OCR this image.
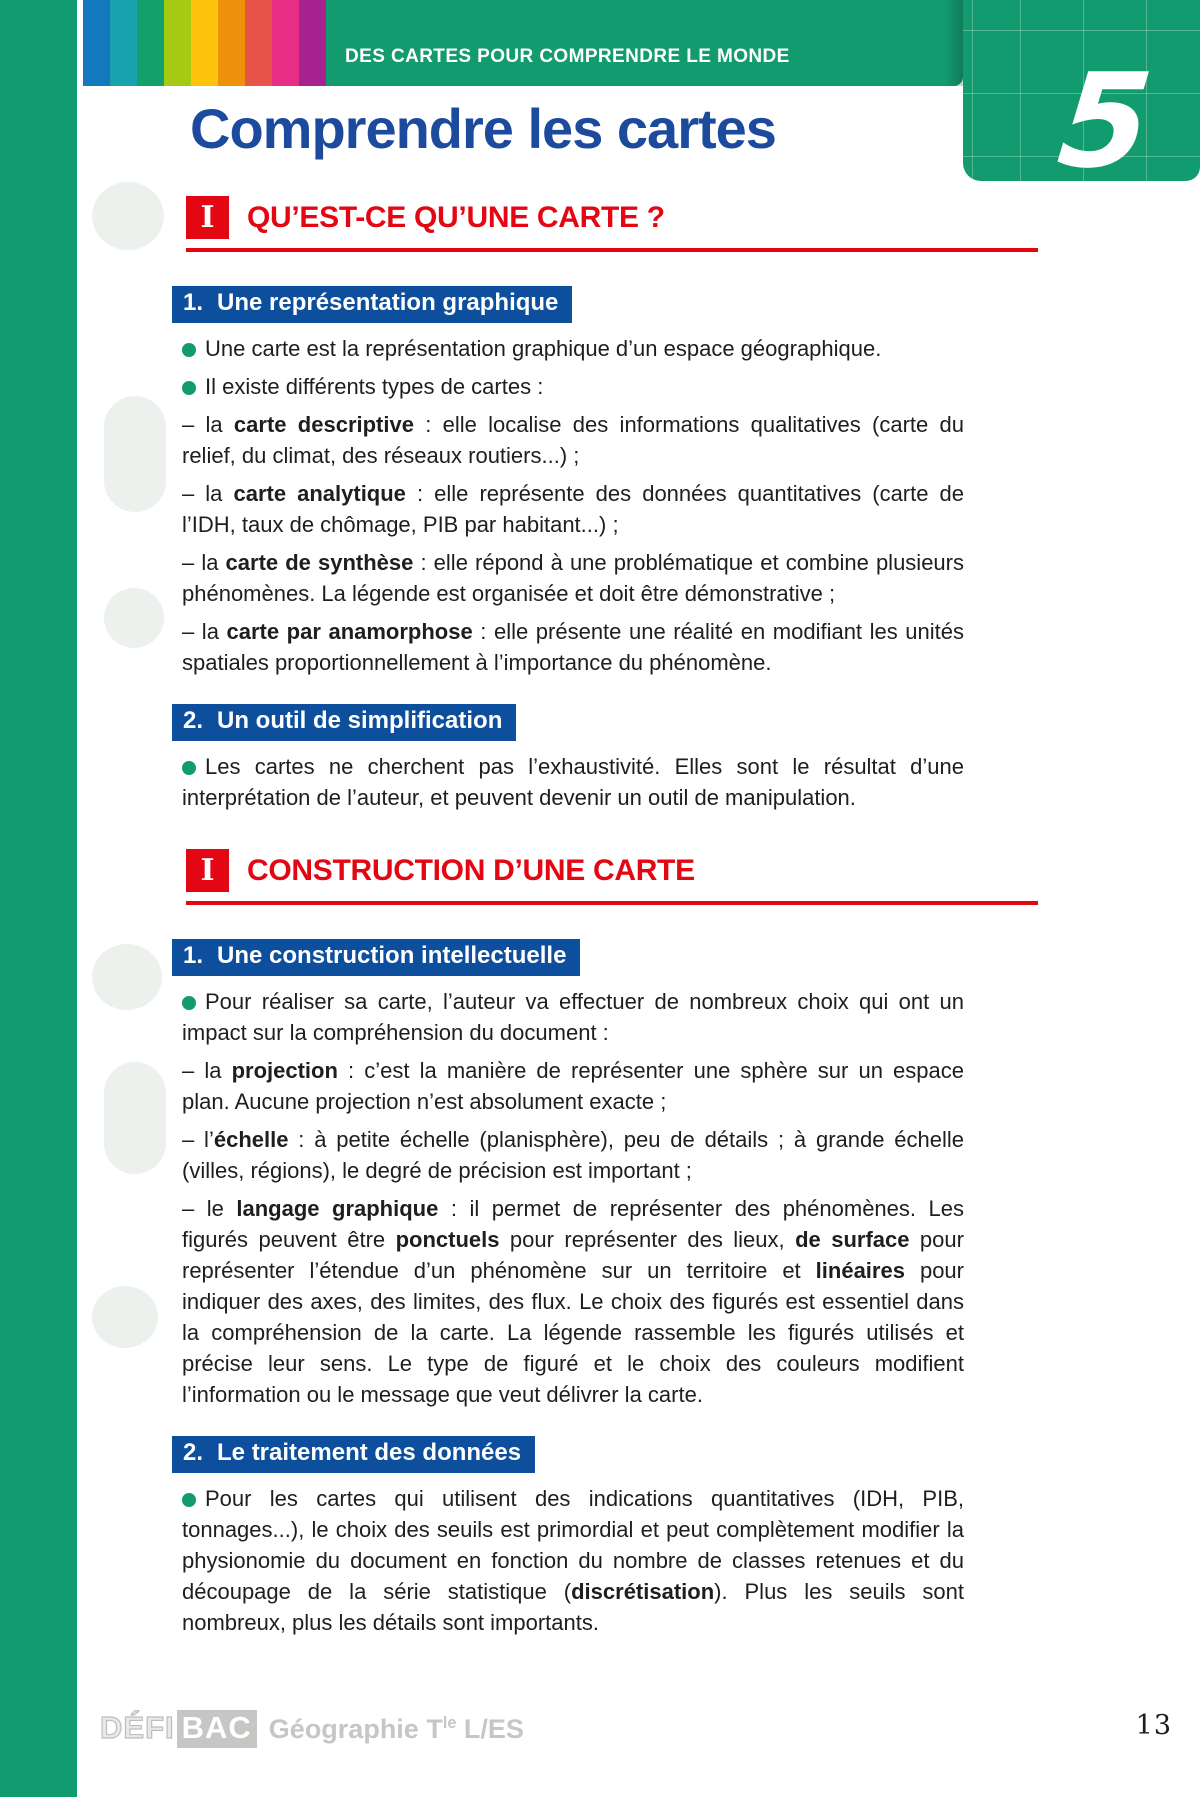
DES CARTES POUR COMPRENDRE LE MONDE 5
Comprendre les cartes
I	QU’EST-CE QU’UNE CARTE ?
1. Une représentation graphique

Une carte est la représentation graphique d’un espace géographique.

Il existe différents types de cartes :

– la carte descriptive : elle localise des informations qualitatives (carte du relief, du climat, des réseaux routiers...) ;

– la carte analytique : elle représente des données quantitatives (carte de l’IDH, taux de chômage, PIB par habitant...) ;

– la carte de synthèse : elle répond à une problématique et combine plusieurs phénomènes. La légende est organisée et doit être démonstrative ;

– la carte par anamorphose : elle présente une réalité en modifiant les unités spatiales proportionnellement à l’importance du phénomène.

2. Un outil de simplification

Les cartes ne cherchent pas l’exhaustivité. Elles sont le résultat d’une interprétation de l’auteur, et peuvent devenir un outil de manipulation.

I	CONSTRUCTION D’UNE CARTE
1. Une construction intellectuelle

Pour réaliser sa carte, l’auteur va effectuer de nombreux choix qui ont un impact sur la compréhension du document :

– la projection : c’est la manière de représenter une sphère sur un espace plan. Aucune projection n’est absolument exacte ;

– l’échelle : à petite échelle (planisphère), peu de détails ; à grande échelle (villes, régions), le degré de précision est important ;

– le langage graphique : il permet de représenter des phénomènes. Les figurés peuvent être ponctuels pour représenter des lieux, de surface pour représenter l’étendue d’un phénomène sur un territoire et linéaires pour indiquer des axes, des limites, des flux. Le choix des figurés est essentiel dans la compréhension de la carte. La légende rassemble les figurés utilisés et précise leur sens. Le type de figuré et le choix des couleurs modifient l’information ou le message que veut délivrer la carte.

2. Le traitement des données

Pour les cartes qui utilisent des indications quantitatives (IDH, PIB, tonnages...), le choix des seuils est primordial et peut complètement modifier la physionomie du document en fonction du nombre de classes retenues et du découpage de la série statistique (discrétisation). Plus les seuils sont nombreux, plus les détails sont importants.

DÉFI BAC Géographie $T^{le}$ L/ES	13
